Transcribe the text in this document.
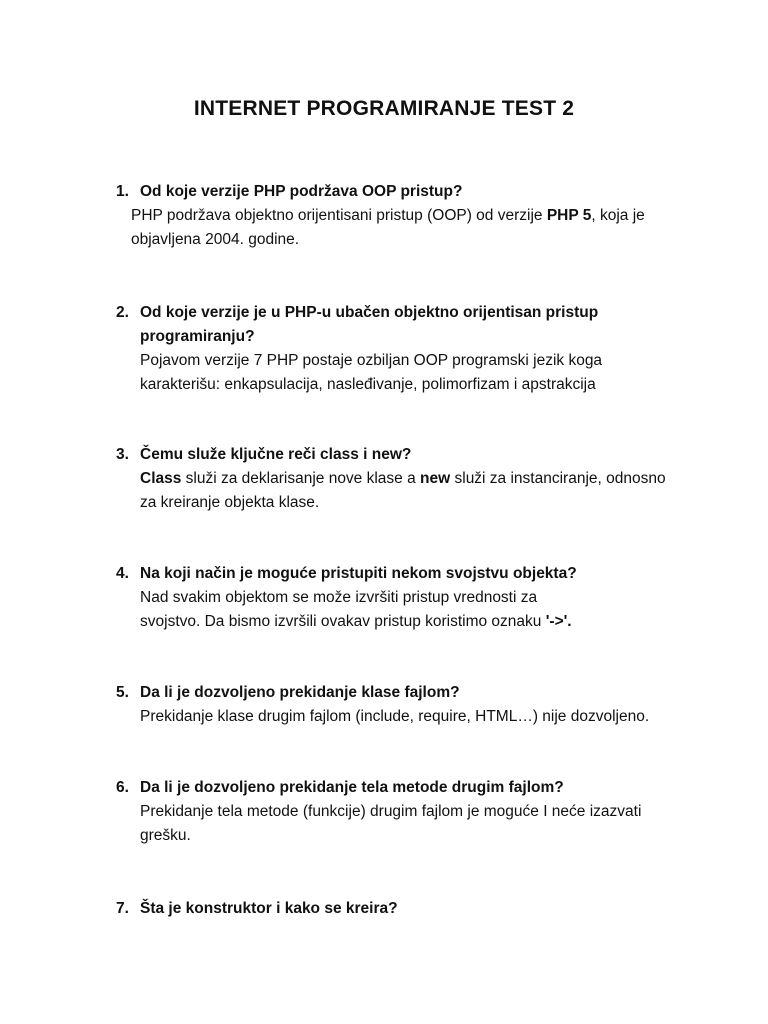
INTERNET PROGRAMIRANJE TEST 2
1. Od koje verzije PHP podržava OOP pristup?
PHP podržava objektno orijentisani pristup (OOP) od verzije PHP 5, koja je
objavljena 2004. godine.
2. Od koje verzije je u PHP-u ubačen objektno orijentisan pristup
programiranju?
Pojavom verzije 7 PHP postaje ozbiljan OOP programski jezik koga
karakterišu: enkapsulacija, nasleđivanje, polimorfizam i apstrakcija
3. Čemu služe ključne reči class i new?
Class služi za deklarisanje nove klase a new služi za instanciranje, odnosno
za kreiranje objekta klase.
4. Na koji način je moguće pristupiti nekom svojstvu objekta?
Nad svakim objektom se može izvršiti pristup vrednosti za
svojstvo. Da bismo izvršili ovakav pristup koristimo oznaku '->'.
5. Da li je dozvoljeno prekidanje klase fajlom?
Prekidanje klase drugim fajlom (include, require, HTML…) nije dozvoljeno.
6. Da li je dozvoljeno prekidanje tela metode drugim fajlom?
Prekidanje tela metode (funkcije) drugim fajlom je moguće I neće izazvati
grešku.
7. Šta je konstruktor i kako se kreira?
